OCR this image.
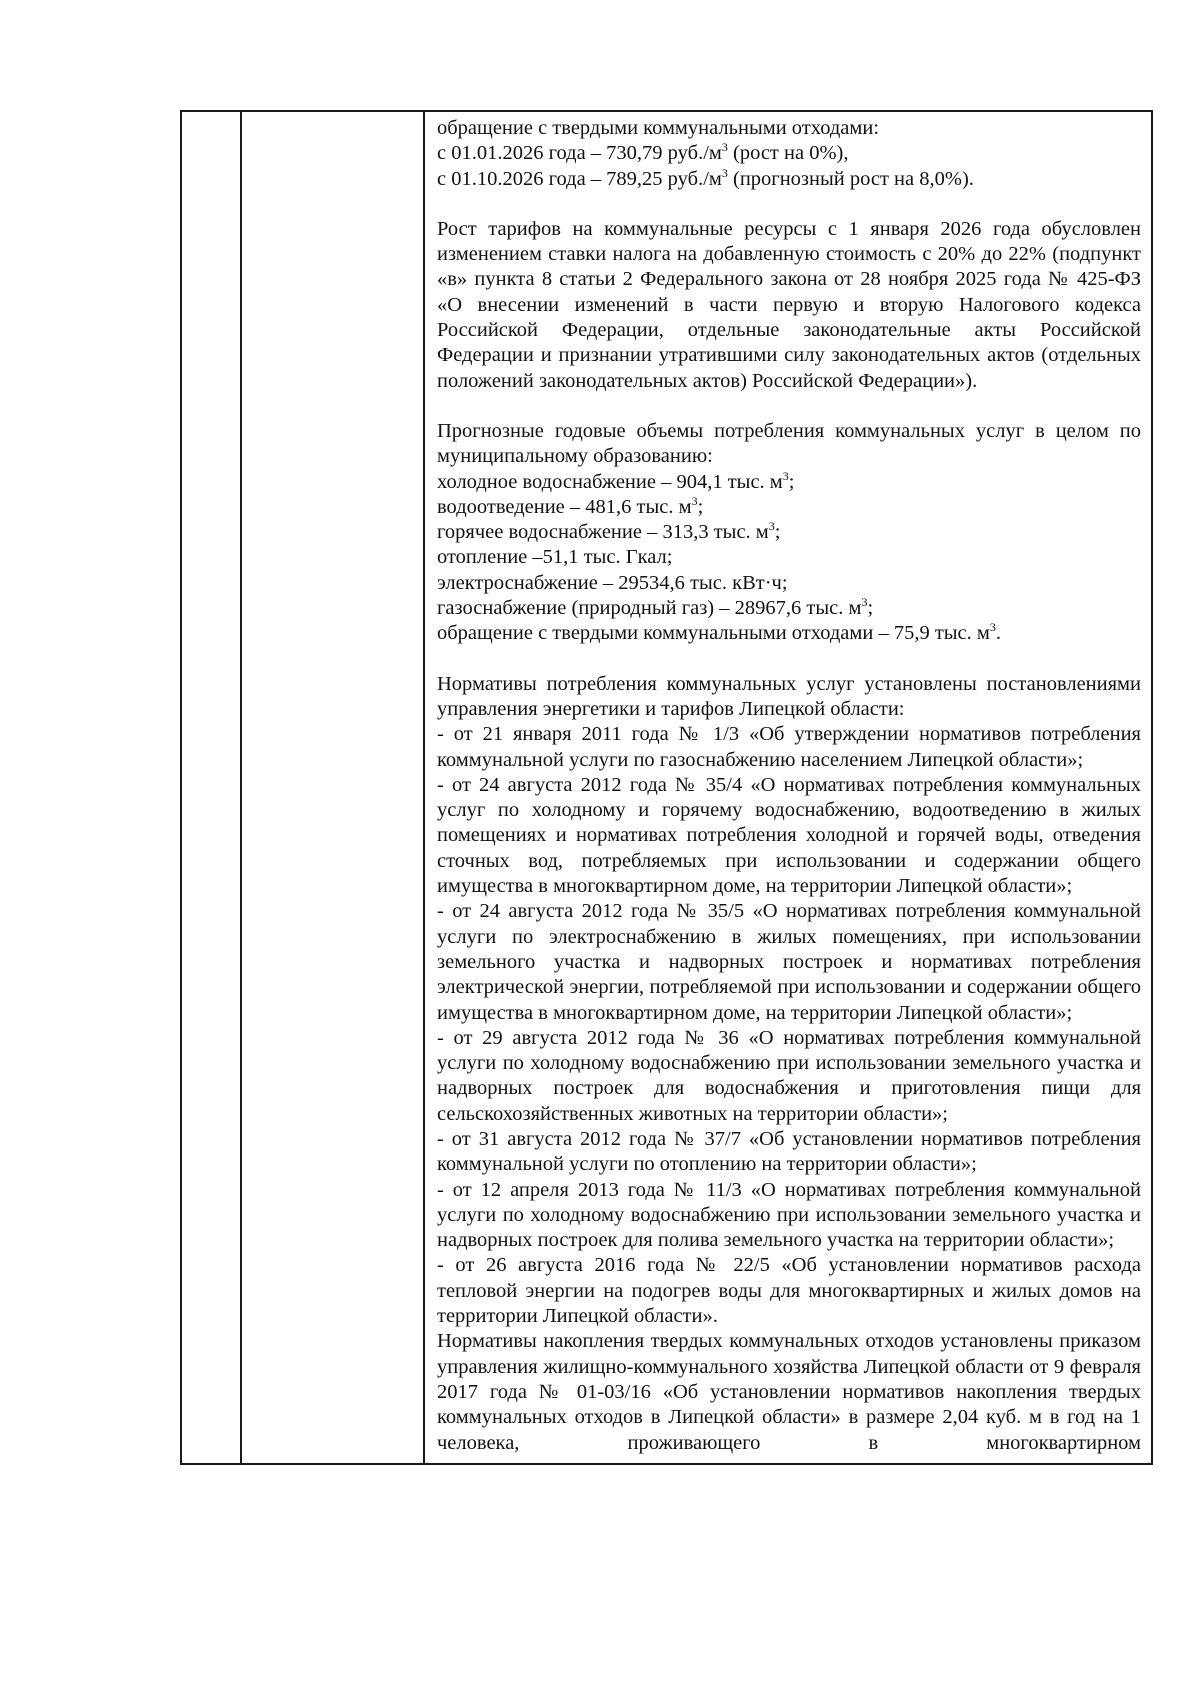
обращение с твердыми коммунальными отходами:

с 01.01.2026 года – 730,79 $руб./м^3$ (рост на 0%),

с 01.10.2026 года – 789,25 $руб./м^3$ (прогнозный рост на 8,0%).

Рост тарифов на коммунальные ресурсы с 1 января 2026 года обусловлен изменением ставки налога на добавленную стоимость с 20% до 22% (подпункт «в» пункта 8 статьи 2 Федерального закона от 28 ноября 2025 года № 425-ФЗ «О внесении изменений в части первую и вторую Налогового кодекса Российской Федерации, отдельные законодательные акты Российской Федерации и признании утратившими силу законодательных актов (отдельных положений законодательных актов) Российской Федерации»).

Прогнозные годовые объемы потребления коммунальных услуг в целом по муниципальному образованию:

холодное водоснабжение – 904,1 тыс. $м^3$;

водоотведение – 481,6 тыс. $м^3$;

горячее водоснабжение – 313,3 тыс. $м^3$;

отопление –51,1 тыс. Гкал;

электроснабжение – 29534,6 тыс. кВт·ч;

газоснабжение (природный газ) – 28967,6 тыс. $м^3$;

обращение с твердыми коммунальными отходами – 75,9 тыс. $м^3$.

Нормативы потребления коммунальных услуг установлены постановлениями управления энергетики и тарифов Липецкой области:

- от 21 января 2011 года № 1/3 «Об утверждении нормативов потребления коммунальной услуги по газоснабжению населением Липецкой области»;

- от 24 августа 2012 года № 35/4 «О нормативах потребления коммунальных услуг по холодному и горячему водоснабжению, водоотведению в жилых помещениях и нормативах потребления холодной и горячей воды, отведения сточных вод, потребляемых при использовании и содержании общего имущества в многоквартирном доме, на территории Липецкой области»;

- от 24 августа 2012 года № 35/5 «О нормативах потребления коммунальной услуги по электроснабжению в жилых помещениях, при использовании земельного участка и надворных построек и нормативах потребления электрической энергии, потребляемой при использовании и содержании общего имущества в многоквартирном доме, на территории Липецкой области»;

- от 29 августа 2012 года № 36 «О нормативах потребления коммунальной услуги по холодному водоснабжению при использовании земельного участка и надворных построек для водоснабжения и приготовления пищи для сельскохозяйственных животных на территории области»;

- от 31 августа 2012 года № 37/7 «Об установлении нормативов потребления коммунальной услуги по отоплению на территории области»;

- от 12 апреля 2013 года № 11/3 «О нормативах потребления коммунальной услуги по холодному водоснабжению при использовании земельного участка и надворных построек для полива земельного участка на территории области»;

- от 26 августа 2016 года № 22/5 «Об установлении нормативов расхода тепловой энергии на подогрев воды для многоквартирных и жилых домов на территории Липецкой области».

Нормативы накопления твердых коммунальных отходов установлены приказом управления жилищно-коммунального хозяйства Липецкой области от 9 февраля 2017 года № 01-03/16 «Об установлении нормативов накопления твердых коммунальных отходов в Липецкой области» в размере 2,04 куб. м в год на 1 человека, проживающего в многоквартирном
